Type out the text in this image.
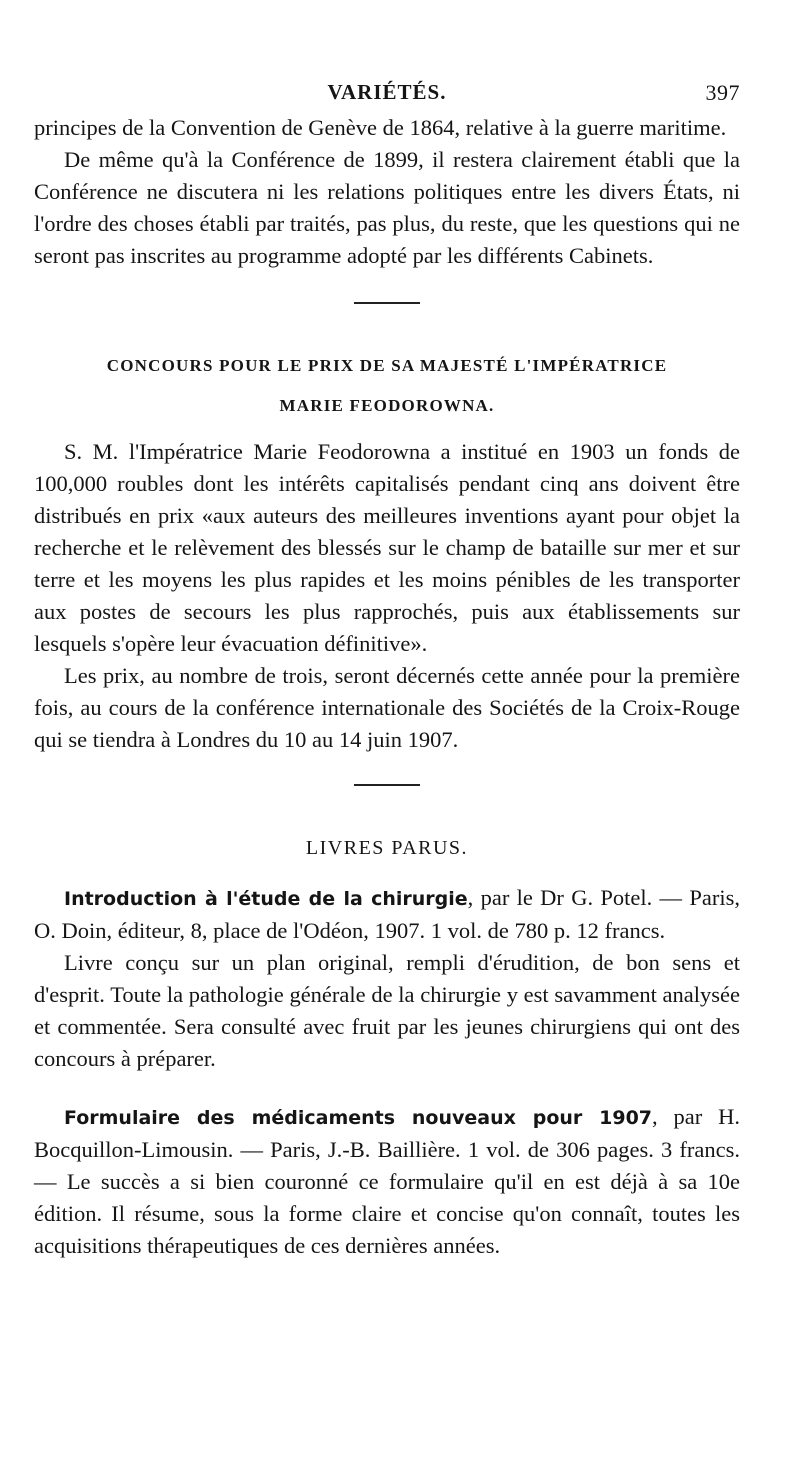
VARIÉTÉS.	397

principes de la Convention de Genève de 1864, relative à la guerre maritime.

De même qu'à la Conférence de 1899, il restera clairement établi que la Conférence ne discutera ni les relations politiques entre les divers États, ni l'ordre des choses établi par traités, pas plus, du reste, que les questions qui ne seront pas inscrites au programme adopté par les différents Cabinets.

CONCOURS POUR LE PRIX DE SA MAJESTÉ L'IMPÉRATRICE
MARIE FEODOROWNA.

S. M. l'Impératrice Marie Feodorowna a institué en 1903 un fonds de 100,000 roubles dont les intérêts capitalisés pendant cinq ans doivent être distribués en prix «aux auteurs des meilleures inventions ayant pour objet la recherche et le relèvement des blessés sur le champ de bataille sur mer et sur terre et les moyens les plus rapides et les moins pénibles de les transporter aux postes de secours les plus rapprochés, puis aux établissements sur lesquels s'opère leur évacuation définitive».

Les prix, au nombre de trois, seront décernés cette année pour la première fois, au cours de la conférence internationale des Sociétés de la Croix-Rouge qui se tiendra à Londres du 10 au 14 juin 1907.

LIVRES PARUS.

Introduction à l'étude de la chirurgie, par le Dr G. Potel. — Paris, O. Doin, éditeur, 8, place de l'Odéon, 1907. 1 vol. de 780 p. 12 francs.

Livre conçu sur un plan original, rempli d'érudition, de bon sens et d'esprit. Toute la pathologie générale de la chirurgie y est savamment analysée et commentée. Sera consulté avec fruit par les jeunes chirurgiens qui ont des concours à préparer.

Formulaire des médicaments nouveaux pour 1907, par H. Bocquillon-Limousin. — Paris, J.-B. Baillière. 1 vol. de 306 pages. 3 francs. — Le succès a si bien couronné ce formulaire qu'il en est déjà à sa 10e édition. Il résume, sous la forme claire et concise qu'on connaît, toutes les acquisitions thérapeutiques de ces dernières années.
